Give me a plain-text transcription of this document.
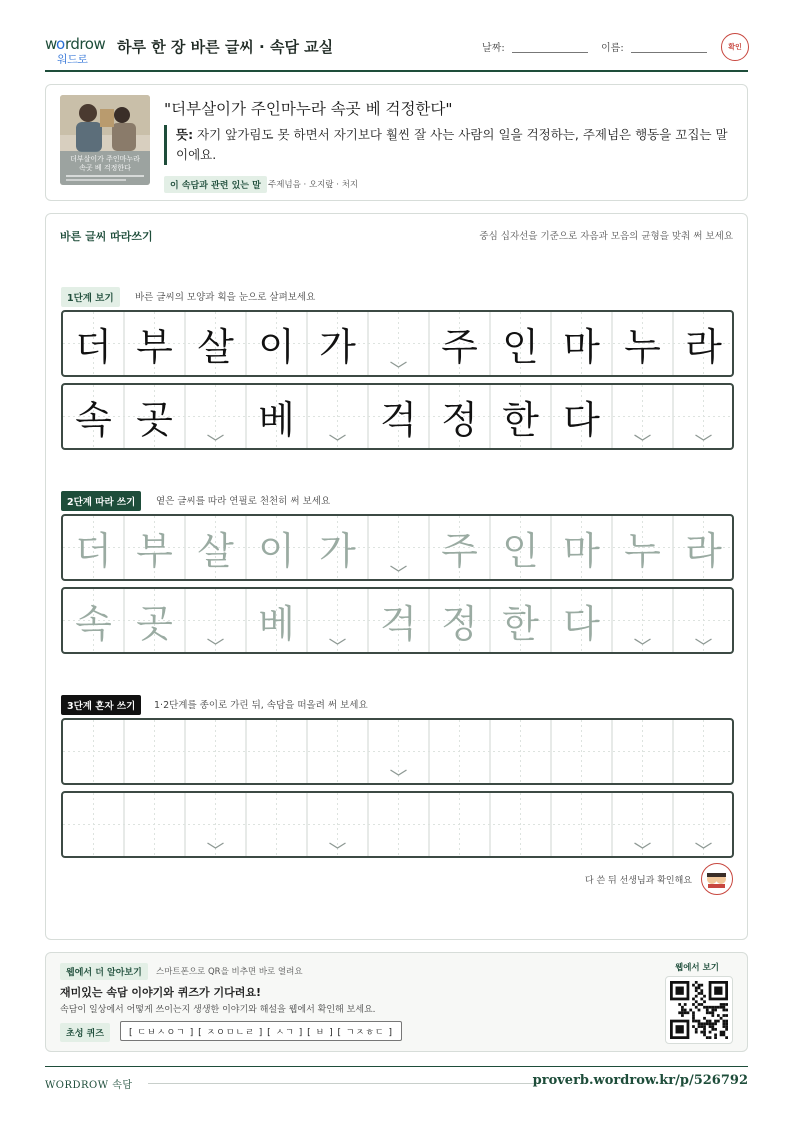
w o rdrow
워드로
하루 한 장 바른 글씨 · 속담 교실	날짜:	이름:	확인
더부살이가 주인마누라
속곳 베 걱정한다
"더부살이가 주인마누라 속곳 베 걱정한다"
뜻: 자기 앞가림도 못 하면서 자기보다 훨씬 잘 사는 사람의 일을 걱정하는, 주제넘은 행동을 꼬집는 말이에요.
이 속담과 관련 있는 말 주제넘음 · 오지랖 · 처지
바른 글씨 따라쓰기	중심 십자선을 기준으로 자음과 모음의 균형을 맞춰 써 보세요
1단계 보기	바른 글씨의 모양과 획을 눈으로 살펴보세요
더 부 살 이 가	주 인 마 누 라
속 곳	베	걱 정 한 다
2단계 따라 쓰기	옅은 글씨를 따라 연필로 천천히 써 보세요
더 부 살 이 가	주 인 마 누 라
속 곳	베	걱 정 한 다
3단계 혼자 쓰기	1·2단계를 종이로 가린 뒤, 속담을 떠올려 써 보세요
다 쓴 뒤 선생님과 확인해요
웹에서 더 알아보기	스마트폰으로 QR을 비추면 바로 열려요
재미있는 속담 이야기와 퀴즈가 기다려요!
속담이 일상에서 어떻게 쓰이는지 생생한 이야기와 해설을 웹에서 확인해 보세요.
초성 퀴즈	[ ㄷㅂㅅㅇㄱ ] [ ㅈㅇㅁㄴㄹ ] [ ㅅㄱ ] [ ㅂ ] [ ㄱㅈㅎㄷ ]
웹에서 보기
WORDROW 속담	proverb.wordrow.kr/p/526792
